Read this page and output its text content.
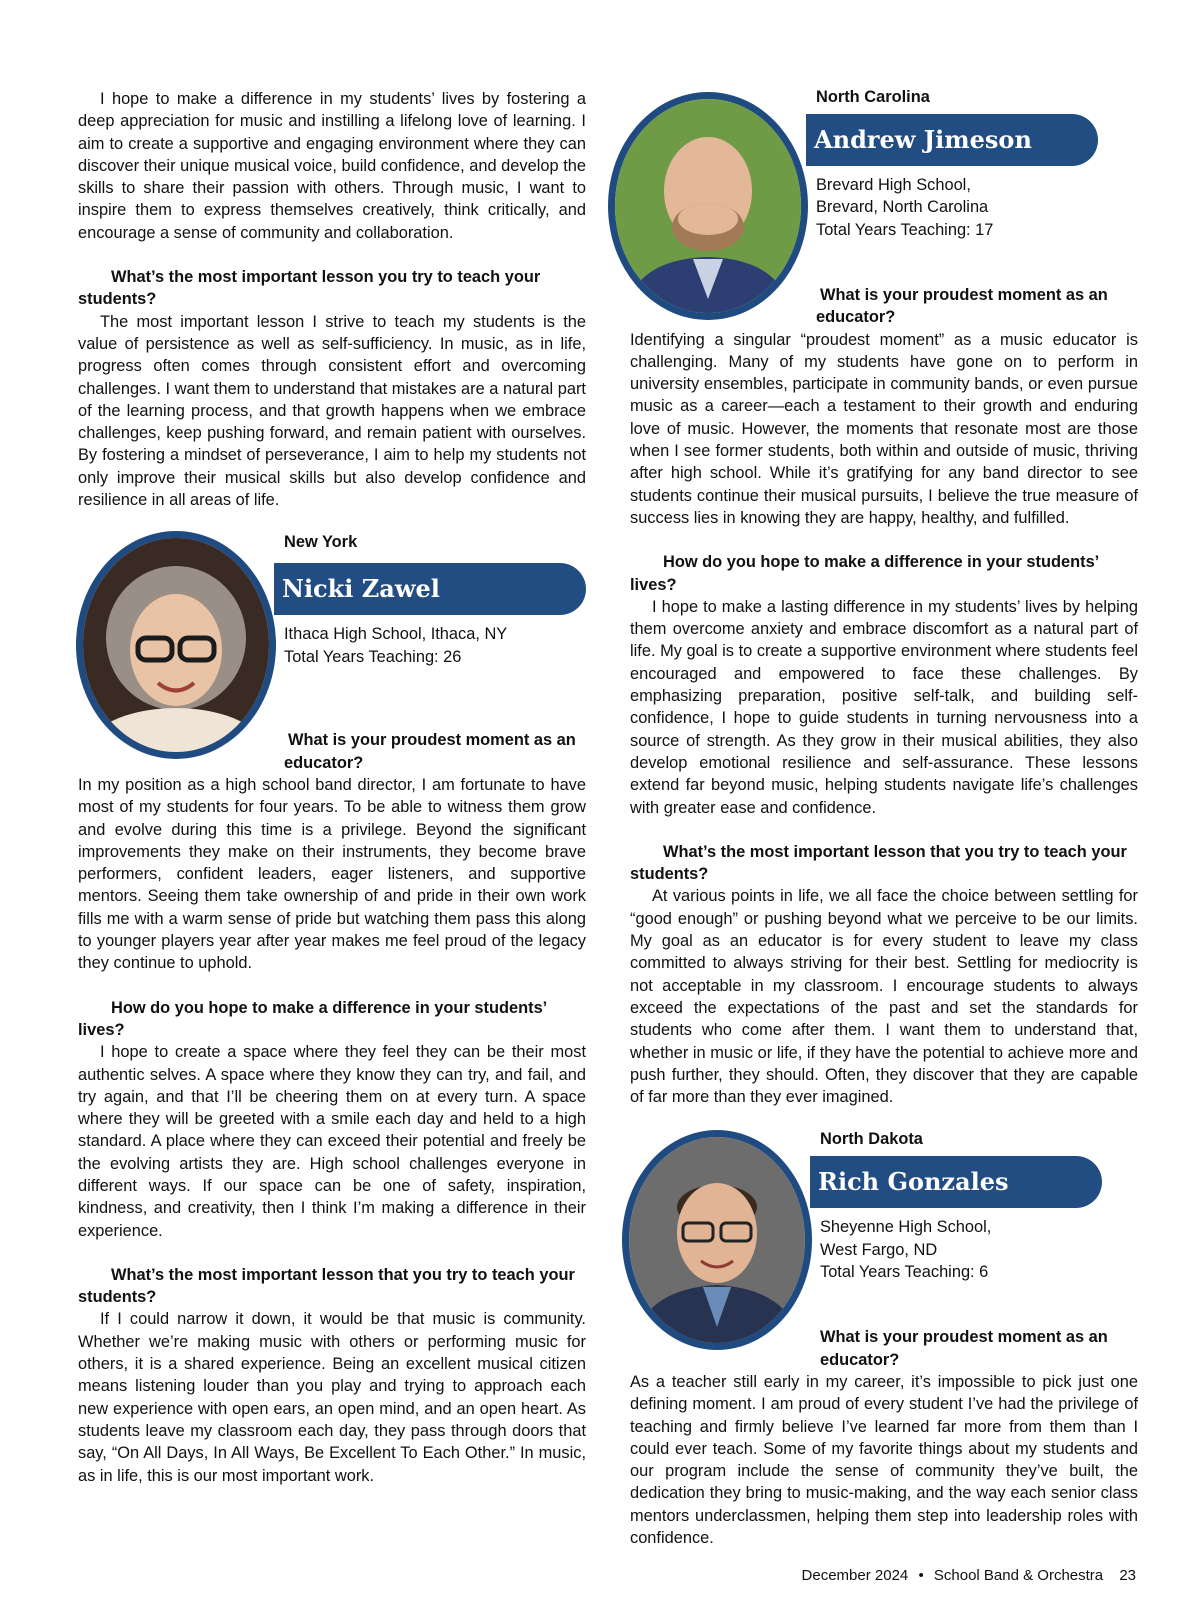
I hope to make a difference in my students’ lives by fostering a deep appreciation for music and instilling a lifelong love of learning. I aim to create a supportive and engaging environment where they can discover their unique musical voice, build confidence, and develop the skills to share their passion with others. Through music, I want to inspire them to express themselves creatively, think critically, and encourage a sense of community and collaboration.

What’s the most important lesson you try to teach your students?

The most important lesson I strive to teach my students is the value of persistence as well as self-sufficiency. In music, as in life, progress often comes through consistent effort and overcoming challenges. I want them to understand that mistakes are a natural part of the learning process, and that growth happens when we embrace challenges, keep pushing forward, and remain patient with ourselves. By fostering a mindset of perseverance, I aim to help my students not only improve their musical skills but also develop confidence and resilience in all areas of life.

New York
Nicki Zawel
Ithaca High School, Ithaca, NY
Total Years Teaching: 26

What is your proudest moment as an educator?

In my position as a high school band director, I am fortunate to have most of my students for four years. To be able to witness them grow and evolve during this time is a privilege. Beyond the significant improvements they make on their instruments, they become brave performers, confident leaders, eager listeners, and supportive mentors. Seeing them take ownership of and pride in their own work fills me with a warm sense of pride but watching them pass this along to younger players year after year makes me feel proud of the legacy they continue to uphold.

How do you hope to make a difference in your students’ lives?

I hope to create a space where they feel they can be their most authentic selves. A space where they know they can try, and fail, and try again, and that I’ll be cheering them on at every turn. A space where they will be greeted with a smile each day and held to a high standard. A place where they can exceed their potential and freely be the evolving artists they are. High school challenges everyone in different ways. If our space can be one of safety, inspiration, kindness, and creativity, then I think I’m making a difference in their experience.

What’s the most important lesson that you try to teach your students?

If I could narrow it down, it would be that music is community. Whether we’re making music with others or performing music for others, it is a shared experience. Being an excellent musical citizen means listening louder than you play and trying to approach each new experience with open ears, an open mind, and an open heart. As students leave my classroom each day, they pass through doors that say, “On All Days, In All Ways, Be Excellent To Each Other.” In music, as in life, this is our most important work.

North Carolina
Andrew Jimeson
Brevard High School,
Brevard, North Carolina
Total Years Teaching: 17

What is your proudest moment as an educator?

Identifying a singular “proudest moment” as a music educator is challenging. Many of my students have gone on to perform in university ensembles, participate in community bands, or even pursue music as a career—each a testament to their growth and enduring love of music. However, the moments that resonate most are those when I see former students, both within and outside of music, thriving after high school. While it’s gratifying for any band director to see students continue their musical pursuits, I believe the true measure of success lies in knowing they are happy, healthy, and fulfilled.

How do you hope to make a difference in your students’ lives?

I hope to make a lasting difference in my students’ lives by helping them overcome anxiety and embrace discomfort as a natural part of life. My goal is to create a supportive environment where students feel encouraged and empowered to face these challenges. By emphasizing preparation, positive self-talk, and building self-confidence, I hope to guide students in turning nervousness into a source of strength. As they grow in their musical abilities, they also develop emotional resilience and self-assurance. These lessons extend far beyond music, helping students navigate life’s challenges with greater ease and confidence.

What’s the most important lesson that you try to teach your students?

At various points in life, we all face the choice between settling for “good enough” or pushing beyond what we perceive to be our limits. My goal as an educator is for every student to leave my class committed to always striving for their best. Settling for mediocrity is not acceptable in my classroom. I encourage students to always exceed the expectations of the past and set the standards for students who come after them. I want them to understand that, whether in music or life, if they have the potential to achieve more and push further, they should. Often, they discover that they are capable of far more than they ever imagined.

North Dakota
Rich Gonzales
Sheyenne High School,
West Fargo, ND
Total Years Teaching: 6

What is your proudest moment as an educator?

As a teacher still early in my career, it’s impossible to pick just one defining moment. I am proud of every student I’ve had the privilege of teaching and firmly believe I’ve learned far more from them than I could ever teach. Some of my favorite things about my students and our program include the sense of community they’ve built, the dedication they bring to music-making, and the way each senior class mentors underclassmen, helping them step into leadership roles with confidence.

December 2024 • School Band & Orchestra 23
